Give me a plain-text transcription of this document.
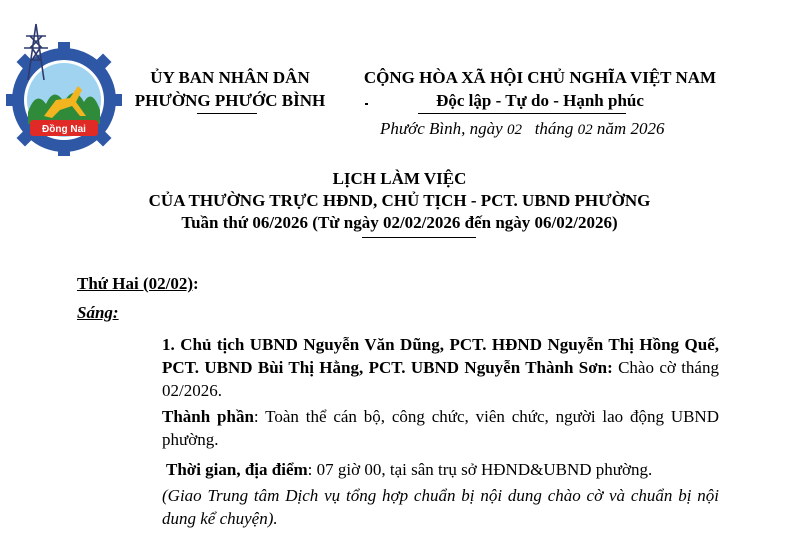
Đồng Nai
ỦY BAN NHÂN DÂN
PHƯỜNG PHƯỚC BÌNH
CỘNG HÒA XÃ HỘI CHỦ NGHĨA VIỆT NAM
Độc lập - Tự do - Hạnh phúc
Phước Bình, ngày 02   tháng 02 năm 2026
LỊCH LÀM VIỆC
CỦA THƯỜNG TRỰC HĐND, CHỦ TỊCH - PCT. UBND PHƯỜNG
Tuần thứ 06/2026 (Từ ngày 02/02/2026 đến ngày 06/02/2026)
Thứ Hai (02/02):
Sáng:
1. Chủ tịch UBND Nguyễn Văn Dũng, PCT. HĐND Nguyễn Thị Hồng Quế, PCT. UBND Bùi Thị Hằng, PCT. UBND Nguyễn Thành Sơn: Chào cờ tháng 02/2026.
Thành phần: Toàn thể cán bộ, công chức, viên chức, người lao động UBND phường.
Thời gian, địa điểm: 07 giờ 00, tại sân trụ sở HĐND&UBND phường.
(Giao Trung tâm Dịch vụ tổng hợp chuẩn bị nội dung chào cờ và chuẩn bị nội dung kể chuyện).
